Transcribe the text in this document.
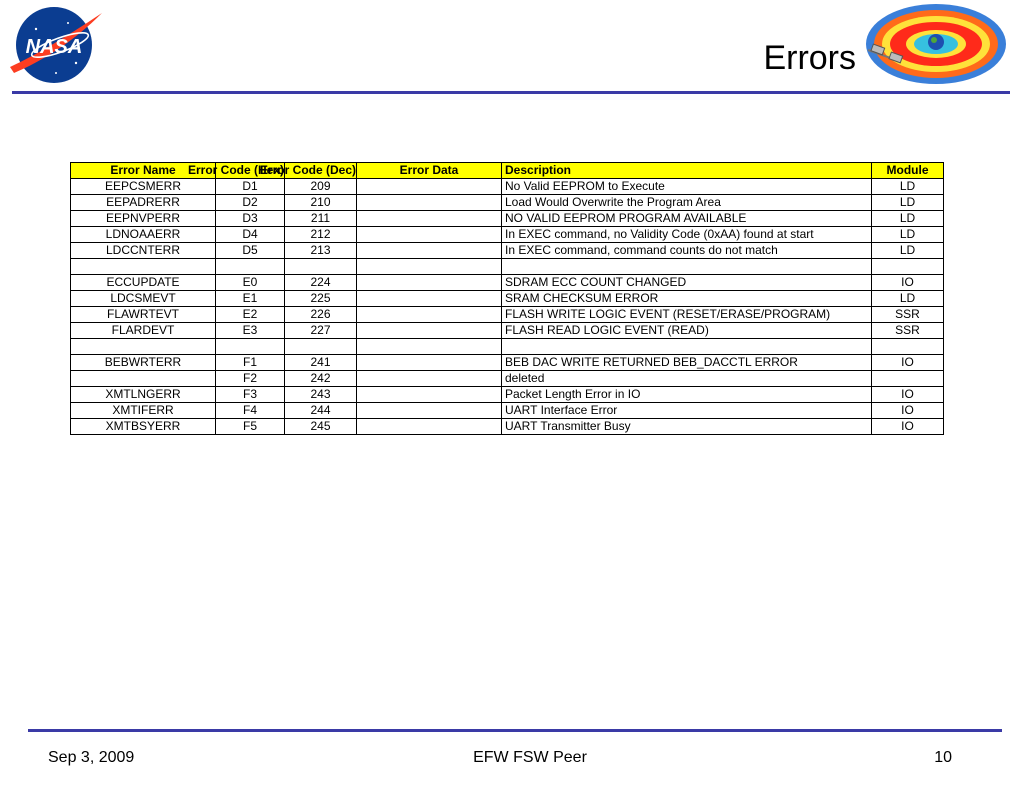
NASA	Errors
Error Name	Error Code (Hex)	Error Code (Dec)	Error Data	Description	Module
EEPCSMERR	D1	209		No Valid EEPROM to Execute	LD
EEPADRERR	D2	210		Load Would Overwrite the Program Area	LD
EEPNVPERR	D3	211		NO VALID EEPROM PROGRAM AVAILABLE	LD
LDNOAAERR	D4	212		In EXEC command, no Validity Code (0xAA) found at start	LD
LDCCNTERR	D5	213		In EXEC command, command counts do not match	LD

ECCUPDATE	E0	224		SDRAM ECC COUNT CHANGED	IO
LDCSMEVT	E1	225		SRAM CHECKSUM ERROR	LD
FLAWRTEVT	E2	226		FLASH WRITE LOGIC EVENT (RESET/ERASE/PROGRAM)	SSR
FLARDEVT	E3	227		FLASH READ LOGIC EVENT (READ)	SSR

BEBWRTERR	F1	241		BEB DAC WRITE RETURNED BEB_DACCTL ERROR	IO
	F2	242		deleted	
XMTLNGERR	F3	243		Packet Length Error in IO	IO
XMTIFERR	F4	244		UART Interface Error	IO
XMTBSYERR	F5	245		UART Transmitter Busy	IO
Sep 3, 2009	EFW FSW Peer	10
